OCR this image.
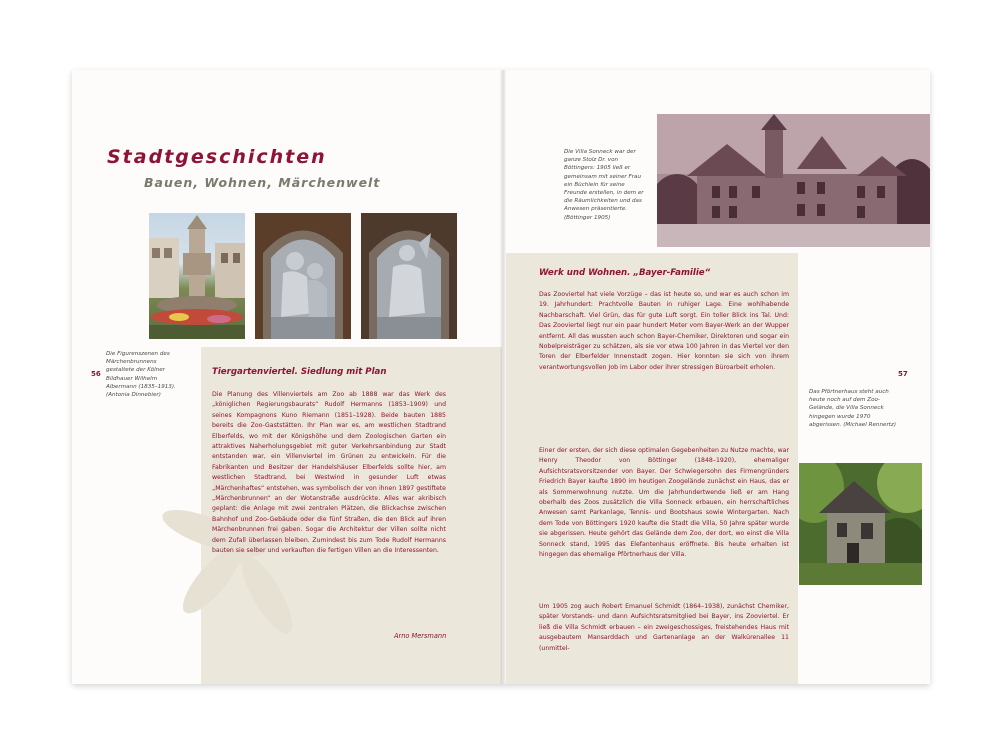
Stadtgeschichten
Bauen, Wohnen, Märchenwelt

Die Figurenszenen des Märchenbrunnens gestaltete der Kölner Bildhauer Wilhelm Albermann (1835–1913). (Antonia Dinnebier)

56	Tiergartenviertel. Siedlung mit Plan

Die Planung des Villenviertels am Zoo ab 1888 war das Werk des „königlichen Regierungsbaurats“ Rudolf Hermanns (1853–1909) und seines Kompagnons Kuno Riemann (1851–1928). Beide bauten 1885 bereits die Zoo-Gaststätten. Ihr Plan war es, am westlichen Stadtrand Elberfelds, wo mit der Königshöhe und dem Zoologischen Garten ein attraktives Naherholungsgebiet mit guter Verkehrsanbindung zur Stadt entstanden war, ein Villenviertel im Grünen zu entwickeln. Für die Fabrikanten und Besitzer der Handelshäuser Elberfelds sollte hier, am westlichen Stadtrand, bei Westwind in gesunder Luft etwas „Märchenhaftes“ entstehen, was symbolisch der von ihnen 1897 gestiftete „Märchenbrunnen“ an der Wotanstraße ausdrückte. Alles war akribisch geplant: die Anlage mit zwei zentralen Plätzen, die Blickachse zwischen Bahnhof und Zoo-Gebäude oder die fünf Straßen, die den Blick auf ihren Märchenbrunnen frei gaben. Sogar die Architektur der Villen sollte nicht dem Zufall überlassen bleiben. Zumindest bis zum Tode Rudolf Hermanns bauten sie selber und verkauften die fertigen Villen an die Interessenten.

Arno Mersmann

Die Villa Sonneck war der ganze Stolz Dr. von Böttingers: 1905 ließ er gemeinsam mit seiner Frau ein Büchlein für seine Freunde erstellen, in dem er die Räumlichkeiten und das Anwesen präsentierte. (Böttinger 1905)

57

Das Pförtnerhaus steht auch heute noch auf dem Zoo-Gelände, die Villa Sonneck hingegen wurde 1970 abgerissen. (Michael Rennertz)

Werk und Wohnen. „Bayer-Familie“

Das Zooviertel hat viele Vorzüge – das ist heute so, und war es auch schon im 19. Jahrhundert: Prachtvolle Bauten in ruhiger Lage. Eine wohlhabende Nachbarschaft. Viel Grün, das für gute Luft sorgt. Ein toller Blick ins Tal. Und: Das Zooviertel liegt nur ein paar hundert Meter vom Bayer-Werk an der Wupper entfernt. All das wussten auch schon Bayer-Chemiker, Direktoren und sogar ein Nobelpreisträger zu schätzen, als sie vor etwa 100 Jahren in das Viertel vor den Toren der Elberfelder Innenstadt zogen. Hier konnten sie sich von ihrem verantwortungsvollen Job im Labor oder ihrer stressigen Büroarbeit erholen.

Einer der ersten, der sich diese optimalen Gegebenheiten zu Nutze machte, war Henry Theodor von Böttinger (1848–1920), ehemaliger Aufsichtsratsvorsitzender von Bayer. Der Schwiegersohn des Firmengründers Friedrich Bayer kaufte 1890 im heutigen Zoogelände zunächst ein Haus, das er als Sommerwohnung nutzte. Um die Jahrhundertwende ließ er am Hang oberhalb des Zoos zusätzlich die Villa Sonneck erbauen, ein herrschaftliches Anwesen samt Parkanlage, Tennis- und Bootshaus sowie Wintergarten. Nach dem Tode von Böttingers 1920 kaufte die Stadt die Villa, 50 Jahre später wurde sie abgerissen. Heute gehört das Gelände dem Zoo, der dort, wo einst die Villa Sonneck stand, 1995 das Elefantenhaus eröffnete. Bis heute erhalten ist hingegen das ehemalige Pförtnerhaus der Villa.

Um 1905 zog auch Robert Emanuel Schmidt (1864–1938), zunächst Chemiker, später Vorstands- und dann Aufsichtsratsmitglied bei Bayer, ins Zooviertel. Er ließ die Villa Schmidt erbauen – ein zweigeschossiges, freistehendes Haus mit ausgebautem Mansarddach und Gartenanlage an der Walkürenallee 11 (unmittel-
